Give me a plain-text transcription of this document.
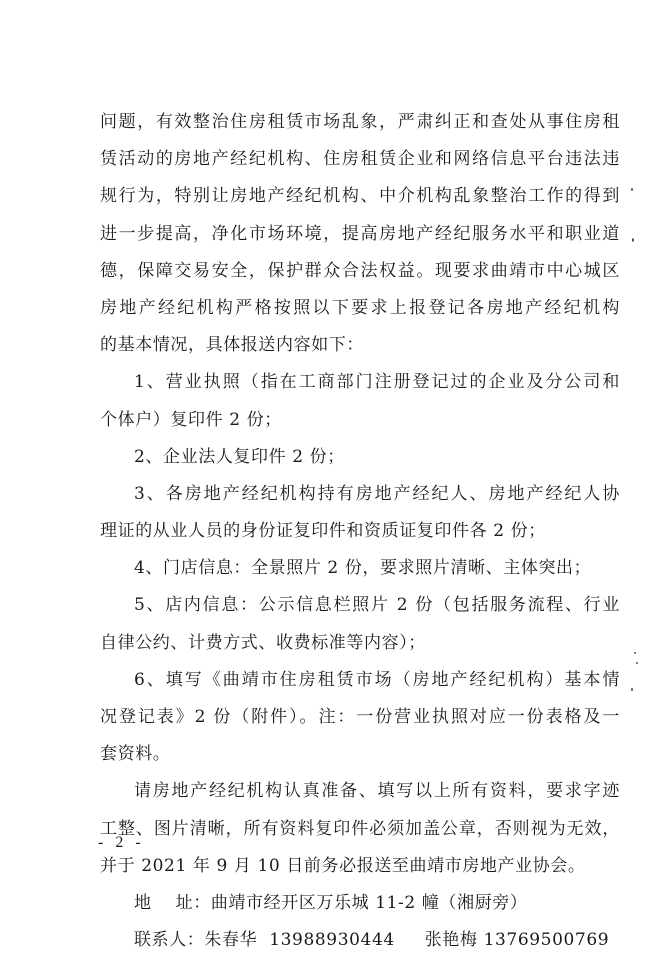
问题，有效整治住房租赁市场乱象，严肃纠正和查处从事住房租
赁活动的房地产经纪机构、住房租赁企业和网络信息平台违法违
规行为，特别让房地产经纪机构、中介机构乱象整治工作的得到
进一步提高，净化市场环境，提高房地产经纪服务水平和职业道
德，保障交易安全，保护群众合法权益。现要求曲靖市中心城区
房地产经纪机构严格按照以下要求上报登记各房地产经纪机构
的基本情况，具体报送内容如下：
1、营业执照（指在工商部门注册登记过的企业及分公司和
个体户）复印件 2 份；
2、企业法人复印件 2 份；
3、各房地产经纪机构持有房地产经纪人、房地产经纪人协
理证的从业人员的身份证复印件和资质证复印件各 2 份；
4、门店信息：全景照片 2 份，要求照片清晰、主体突出；
5、店内信息：公示信息栏照片 2 份（包括服务流程、行业
自律公约、计费方式、收费标准等内容）；
6、填写《曲靖市住房租赁市场（房地产经纪机构）基本情
况登记表》2 份（附件）。注：一份营业执照对应一份表格及一
套资料。
请房地产经纪机构认真准备、填写以上所有资料，要求字迹
工整、图片清晰，所有资料复印件必须加盖公章，否则视为无效，
并于 2021 年 9 月 10 日前务必报送至曲靖市房地产业协会。
地    址：曲靖市经开区万乐城 11-2 幢（湘厨旁）
联系人：朱春华  13988930444     张艳梅 13769500769
- 2 -
